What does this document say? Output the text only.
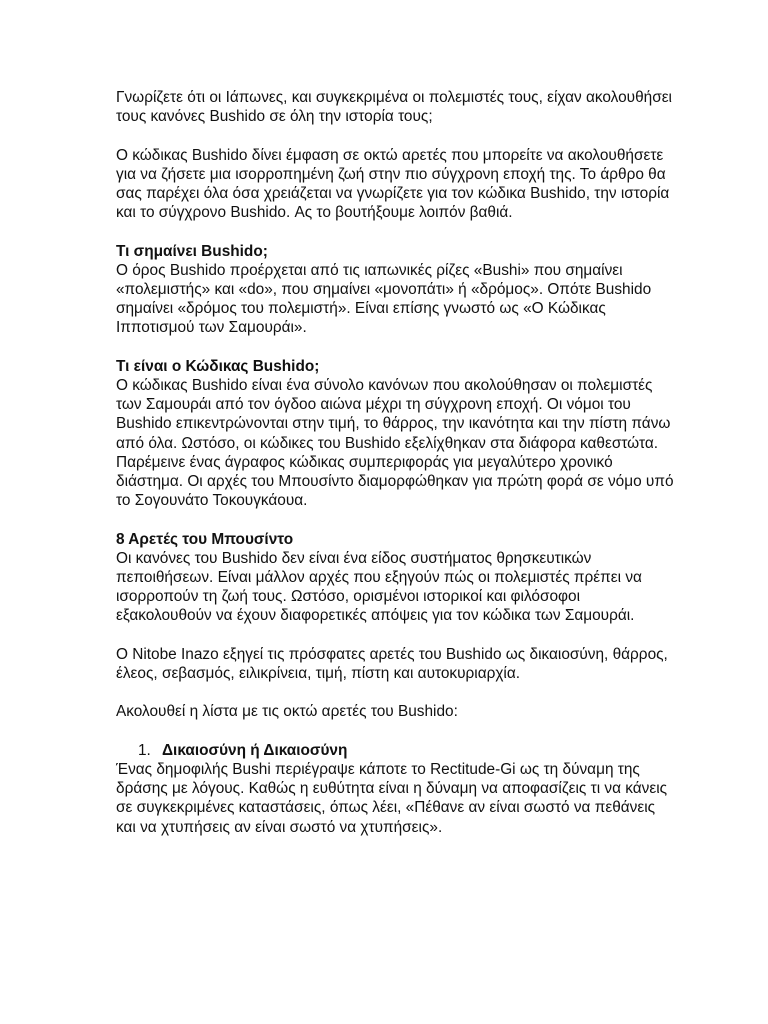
Γνωρίζετε ότι οι Ιάπωνες, και συγκεκριμένα οι πολεμιστές τους, είχαν ακολουθήσει τους κανόνες Bushido σε όλη την ιστορία τους;

Ο κώδικας Bushido δίνει έμφαση σε οκτώ αρετές που μπορείτε να ακολουθήσετε για να ζήσετε μια ισορροπημένη ζωή στην πιο σύγχρονη εποχή της. Το άρθρο θα σας παρέχει όλα όσα χρειάζεται να γνωρίζετε για τον κώδικα Bushido, την ιστορία και το σύγχρονο Bushido. Ας το βουτήξουμε λοιπόν βαθιά.

Τι σημαίνει Bushido;
Ο όρος Bushido προέρχεται από τις ιαπωνικές ρίζες «Bushi» που σημαίνει «πολεμιστής» και «do», που σημαίνει «μονοπάτι» ή «δρόμος». Οπότε Bushido σημαίνει «δρόμος του πολεμιστή». Είναι επίσης γνωστό ως «Ο Κώδικας Ιπποτισμού των Σαμουράι».
Τι είναι ο Κώδικας Bushido;
Ο κώδικας Bushido είναι ένα σύνολο κανόνων που ακολούθησαν οι πολεμιστές των Σαμουράι από τον όγδοο αιώνα μέχρι τη σύγχρονη εποχή. Οι νόμοι του Bushido επικεντρώνονται στην τιμή, το θάρρος, την ικανότητα και την πίστη πάνω από όλα. Ωστόσο, οι κώδικες του Bushido εξελίχθηκαν στα διάφορα καθεστώτα. Παρέμεινε ένας άγραφος κώδικας συμπεριφοράς για μεγαλύτερο χρονικό διάστημα. Οι αρχές του Μπουσίντο διαμορφώθηκαν για πρώτη φορά σε νόμο υπό το Σογουνάτο Τοκουγκάουα.
8 Αρετές του Μπουσίντο
Οι κανόνες του Bushido δεν είναι ένα είδος συστήματος θρησκευτικών πεποιθήσεων. Είναι μάλλον αρχές που εξηγούν πώς οι πολεμιστές πρέπει να ισορροπούν τη ζωή τους. Ωστόσο, ορισμένοι ιστορικοί και φιλόσοφοι εξακολουθούν να έχουν διαφορετικές απόψεις για τον κώδικα των Σαμουράι.

Ο Nitobe Inazo εξηγεί τις πρόσφατες αρετές του Bushido ως δικαιοσύνη, θάρρος, έλεος, σεβασμός, ειλικρίνεια, τιμή, πίστη και αυτοκυριαρχία.

Ακολουθεί η λίστα με τις οκτώ αρετές του Bushido:

1. Δικαιοσύνη ή Δικαιοσύνη
Ένας δημοφιλής Bushi περιέγραψε κάποτε το Rectitude-Gi ως τη δύναμη της δράσης με λόγους. Καθώς η ευθύτητα είναι η δύναμη να αποφασίζεις τι να κάνεις σε συγκεκριμένες καταστάσεις, όπως λέει, «Πέθανε αν είναι σωστό να πεθάνεις και να χτυπήσεις αν είναι σωστό να χτυπήσεις».
